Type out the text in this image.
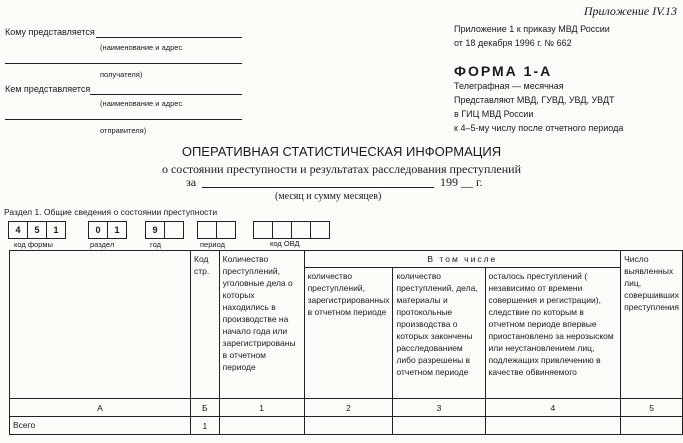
Приложение IV.13
Приложение 1 к приказу МВД России
от 18 декабря 1996 г. № 662
ФОРМА 1-А
Телеграфная — месячная
Представляют МВД, ГУВД, УВД, УВДТ
в ГИЦ МВД России
к 4–5-му числу после отчетного периода
Кому представляется
(наименование и адрес
получателя)
Кем представляется
(наименование и адрес
отправителя)
ОПЕРАТИВНАЯ СТАТИСТИЧЕСКАЯ ИНФОРМАЦИЯ
о состоянии преступности и результатах расследования преступлений
за	199 __ г.
(месяц и сумму месяцев)
Раздел 1. Общие сведения о состоянии преступности
4	5	1	0	1	9
код формы	раздел	год	период	код ОВД
	Код стр.	Количество преступлений, уголовные дела о которых находились в производстве на начало года или зарегистрированы в отчетном периоде	В том числе			Число выявленных лиц, совершивших преступления
			количество преступлений, зарегистрированных в отчетном периоде	количество преступлений, дела, материалы и протокольные производства о которых закончены расследованием либо разрешены в отчетном периоде	осталось преступлений ( независимо от времени совершения и регистрации), следствие по которым в отчетном периоде впервые приостановлено за нерозыском или неустановлением лиц, подлежащих привлечению в качестве обвиняемого	
А	Б	1	2	3	4	5
Всего	1					
